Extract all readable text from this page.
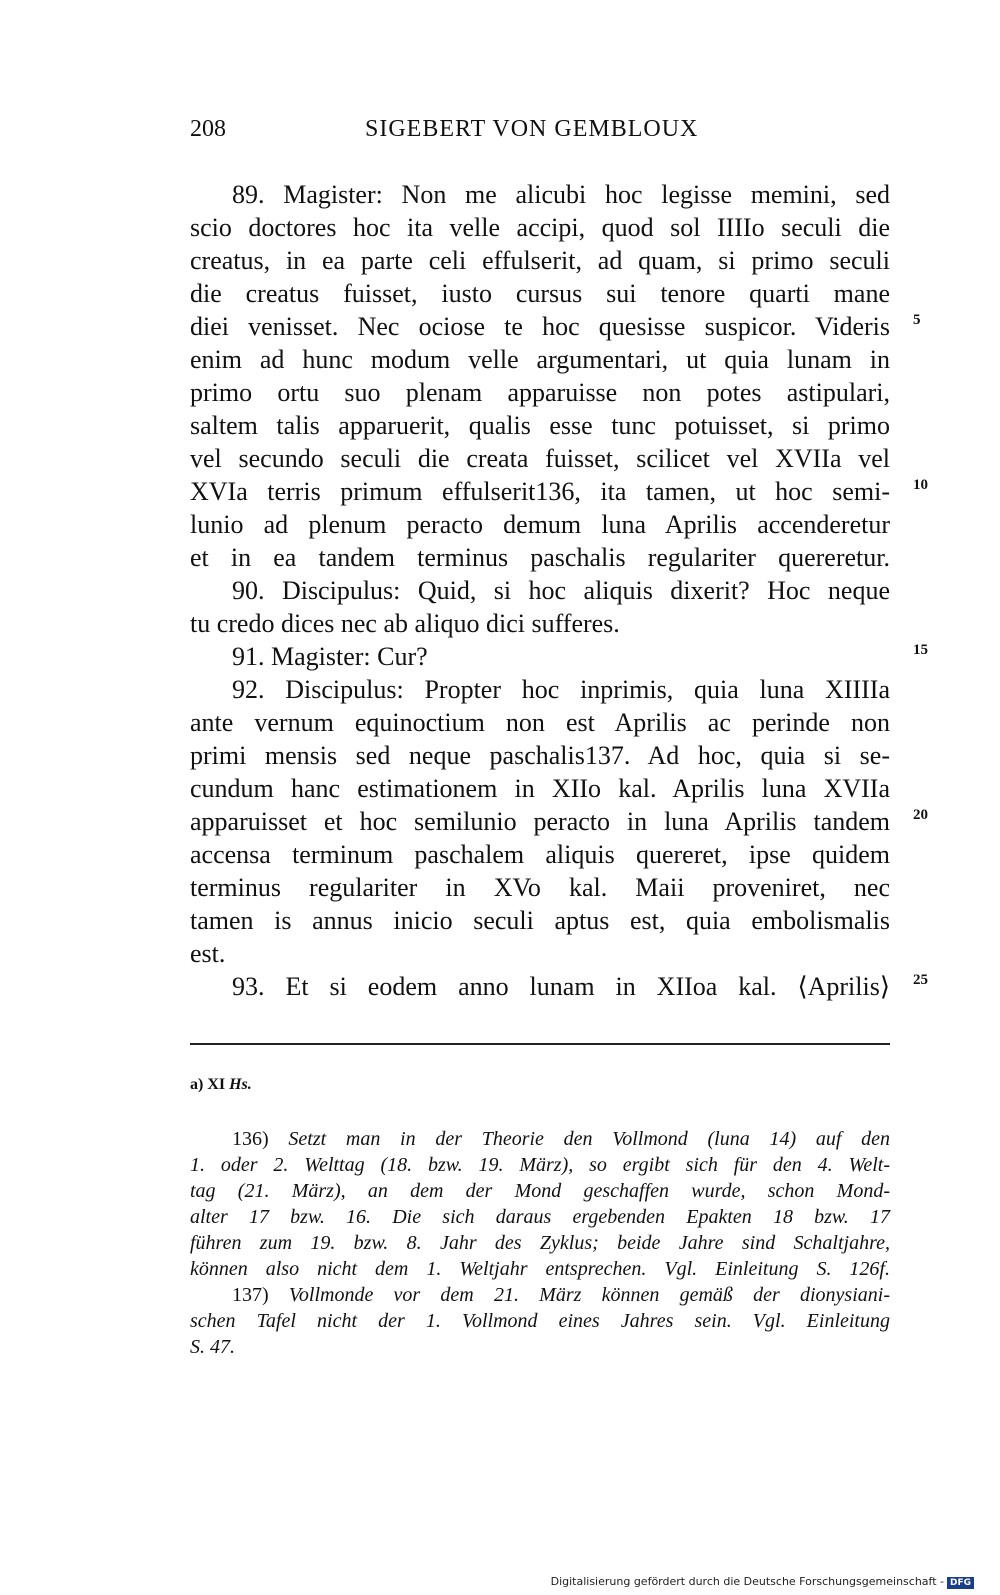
208	SIGEBERT VON GEMBLOUX
89. Magister: Non me alicubi hoc legisse memini, sed
scio doctores hoc ita velle accipi, quod sol IIIIo seculi die
creatus, in ea parte celi effulserit, ad quam, si primo seculi
die creatus fuisset, iusto cursus sui tenore quarti mane
diei venisset. Nec ociose te hoc quesisse suspicor. Videris 5
enim ad hunc modum velle argumentari, ut quia lunam in
primo ortu suo plenam apparuisse non potes astipulari,
saltem talis apparuerit, qualis esse tunc potuisset, si primo
vel secundo seculi die creata fuisset, scilicet vel XVIIa vel
XVIa terris primum effulserit136, ita tamen, ut hoc semi- 10
lunio ad plenum peracto demum luna Aprilis accenderetur
et in ea tandem terminus paschalis regulariter quereretur.
90. Discipulus: Quid, si hoc aliquis dixerit? Hoc neque
tu credo dices nec ab aliquo dici sufferes.
91. Magister: Cur?	15
92. Discipulus: Propter hoc inprimis, quia luna XIIIIa
ante vernum equinoctium non est Aprilis ac perinde non
primi mensis sed neque paschalis137. Ad hoc, quia si se-
cundum hanc estimationem in XIIo kal. Aprilis luna XVIIa
apparuisset et hoc semilunio peracto in luna Aprilis tandem 20
accensa terminum paschalem aliquis quereret, ipse quidem
terminus regulariter in XVo kal. Maii proveniret, nec
tamen is annus inicio seculi aptus est, quia embolismalis
est.
93. Et si eodem anno lunam in XIIoa kal. ⟨Aprilis⟩ 25
a) XI Hs.
136) Setzt man in der Theorie den Vollmond (luna 14) auf den
1. oder 2. Welttag (18. bzw. 19. März), so ergibt sich für den 4. Welt-
tag (21. März), an dem der Mond geschaffen wurde, schon Mond-
alter 17 bzw. 16. Die sich daraus ergebenden Epakten 18 bzw. 17
führen zum 19. bzw. 8. Jahr des Zyklus; beide Jahre sind Schaltjahre,
können also nicht dem 1. Weltjahr entsprechen. Vgl. Einleitung S. 126f.
137) Vollmonde vor dem 21. März können gemäß der dionysiani-
schen Tafel nicht der 1. Vollmond eines Jahres sein. Vgl. Einleitung
S. 47.
Digitalisierung gefördert durch die Deutsche Forschungsgemeinschaft - DFG
